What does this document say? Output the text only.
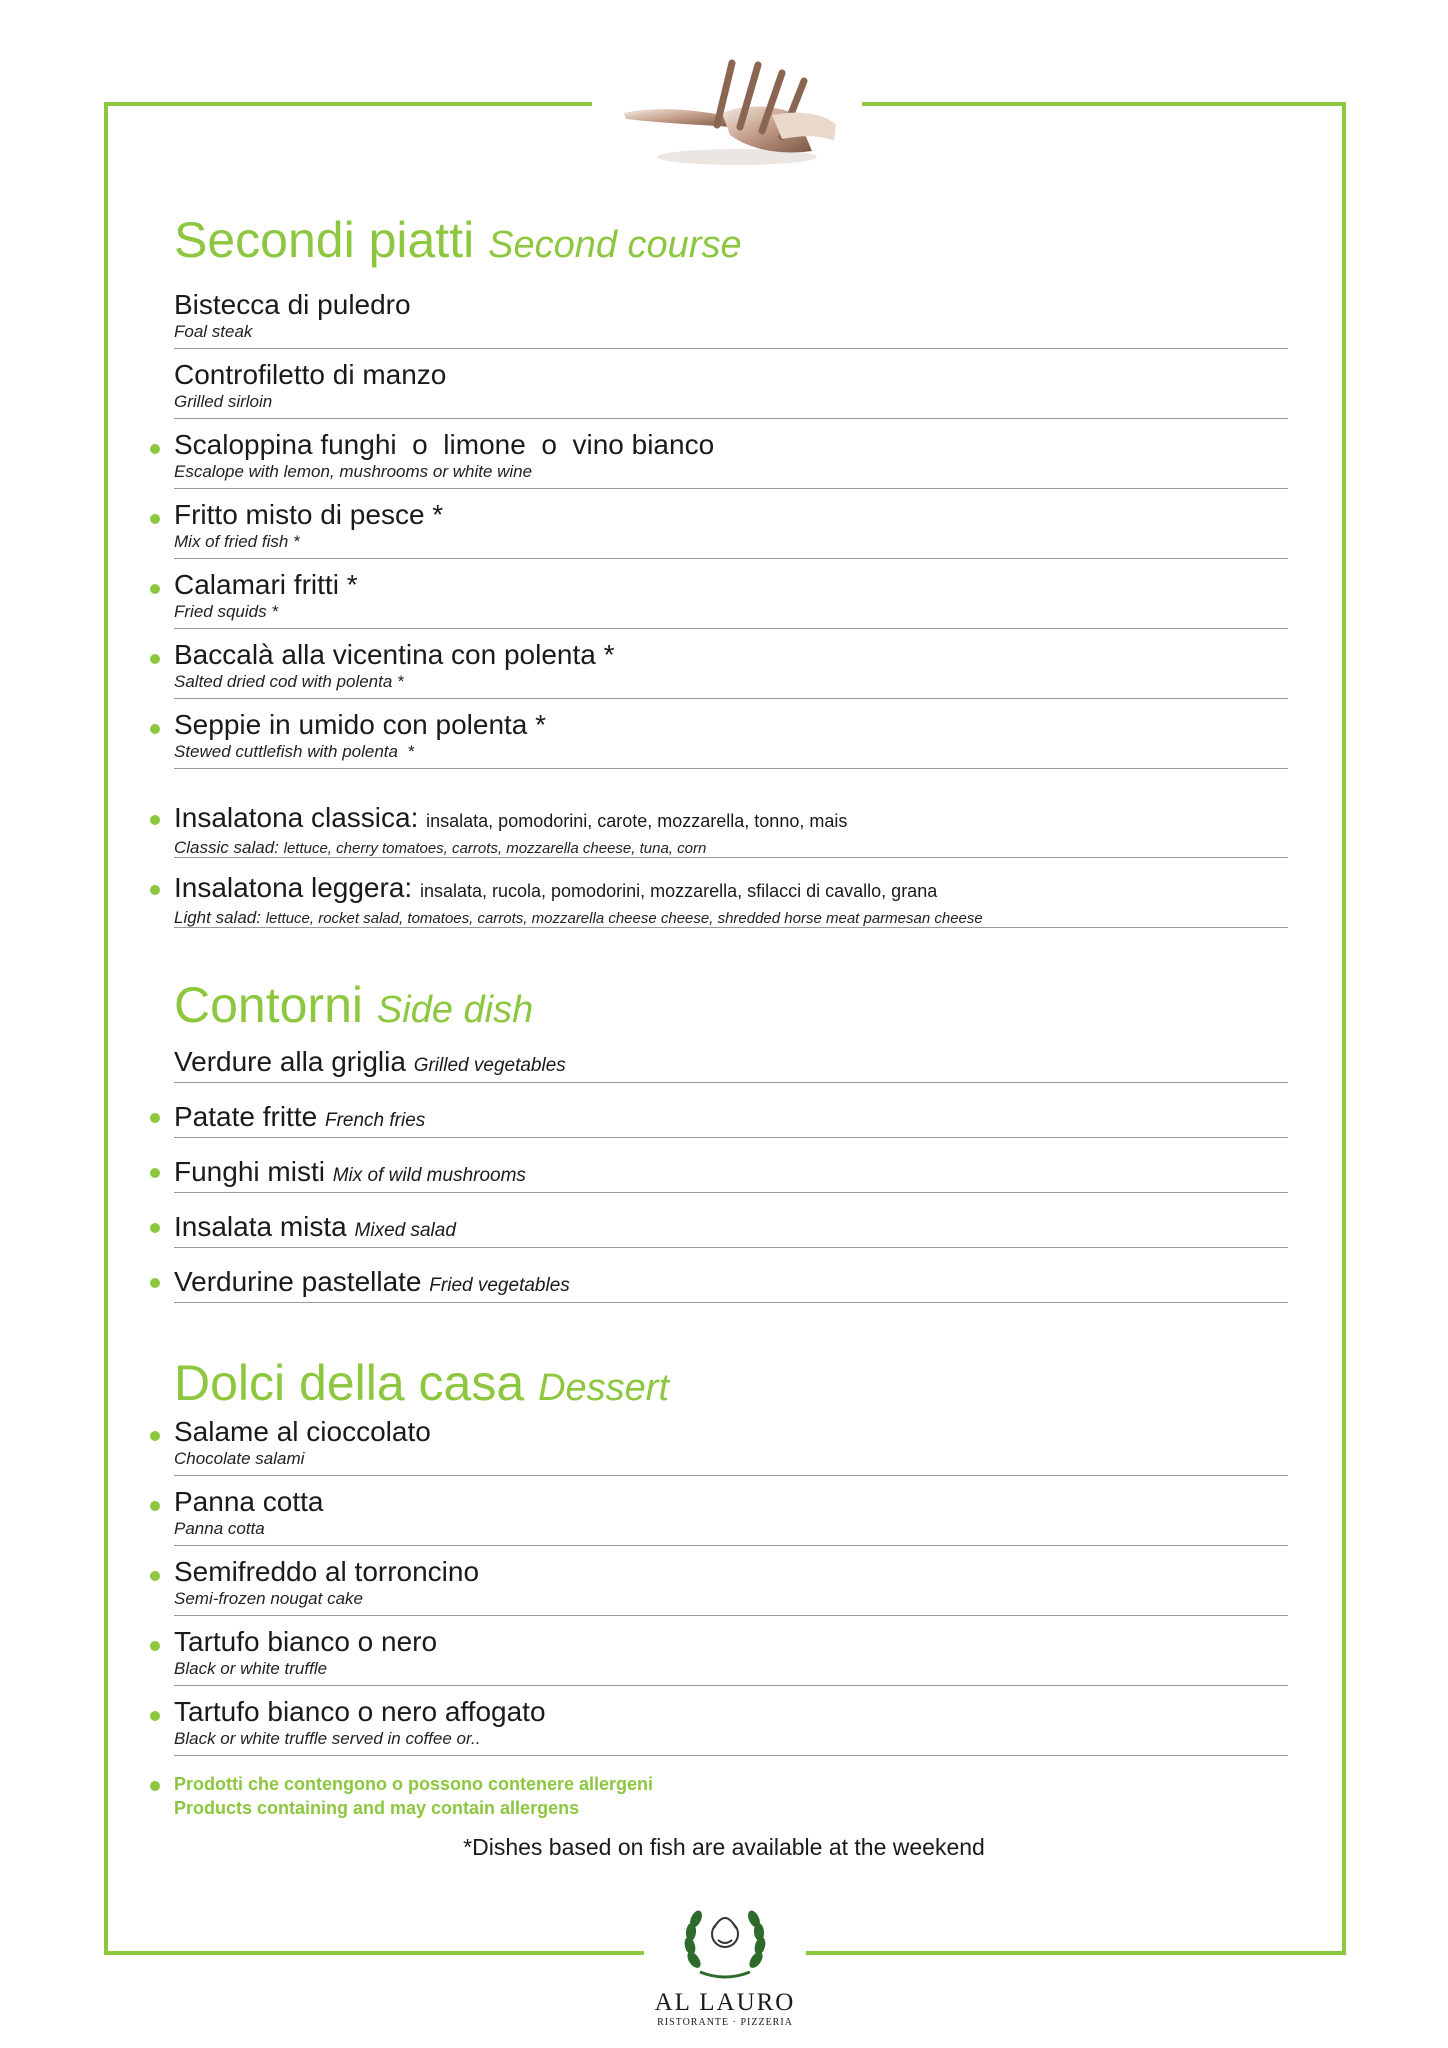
Secondi piatti Second course
Bistecca di puledro
Foal steak
Controfiletto di manzo
Grilled sirloin
Scaloppina funghi  o  limone  o  vino bianco
Escalope with lemon, mushrooms or white wine
Fritto misto di pesce *
Mix of fried fish *
Calamari fritti *
Fried squids *
Baccalà alla vicentina con polenta *
Salted dried cod with polenta *
Seppie in umido con polenta *
Stewed cuttlefish with polenta  *
Insalatona classica: insalata, pomodorini, carote, mozzarella, tonno, mais
Classic salad: lettuce, cherry tomatoes, carrots, mozzarella cheese, tuna, corn
Insalatona leggera: insalata, rucola, pomodorini, mozzarella, sfilacci di cavallo, grana
Light salad: lettuce, rocket salad, tomatoes, carrots, mozzarella cheese cheese, shredded horse meat parmesan cheese
Contorni Side dish
Verdure alla griglia Grilled vegetables
Patate fritte French fries
Funghi misti Mix of wild mushrooms
Insalata mista Mixed salad
Verdurine pastellate Fried vegetables
Dolci della casa Dessert
Salame al cioccolato
Chocolate salami
Panna cotta
Panna cotta
Semifreddo al torroncino
Semi-frozen nougat cake
Tartufo bianco o nero
Black or white truffle
Tartufo bianco o nero affogato
Black or white truffle served in coffee or..
Prodotti che contengono o possono contenere allergeni
Products containing and may contain allergens
*Dishes based on fish are available at the weekend
AL LAURO
RISTORANTE · PIZZERIA
